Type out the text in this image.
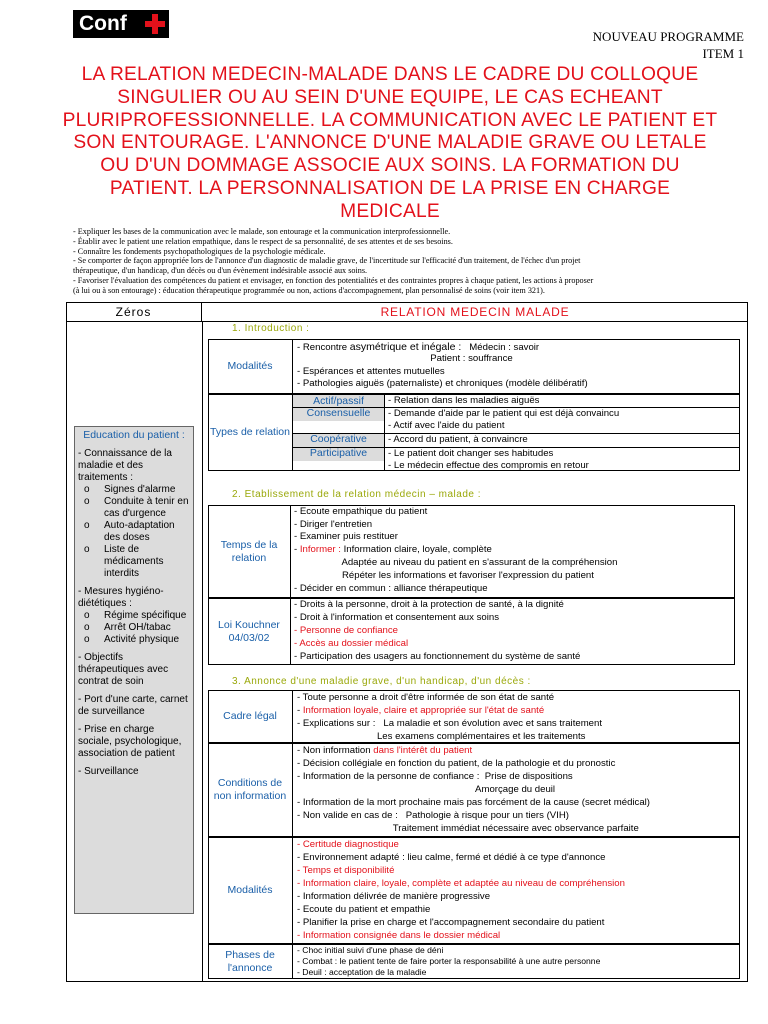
Conf
NOUVEAU PROGRAMME
ITEM 1
LA RELATION MEDECIN-MALADE DANS LE CADRE DU COLLOQUE SINGULIER OU AU SEIN D'UNE EQUIPE, LE CAS ECHEANT PLURIPROFESSIONNELLE. LA COMMUNICATION AVEC LE PATIENT ET SON ENTOURAGE. L'ANNONCE D'UNE MALADIE GRAVE OU LETALE OU D'UN DOMMAGE ASSOCIE AUX SOINS. LA FORMATION DU PATIENT. LA PERSONNALISATION DE LA PRISE EN CHARGE MEDICALE
- Expliquer les bases de la communication avec le malade, son entourage et la communication interprofessionnelle.
- Établir avec le patient une relation empathique, dans le respect de sa personnalité, de ses attentes et de ses besoins.
- Connaître les fondements psychopathologiques de la psychologie médicale.
- Se comporter de façon appropriée lors de l'annonce d'un diagnostic de maladie grave, de l'incertitude sur l'efficacité d'un traitement, de l'échec d'un projet
thérapeutique, d'un handicap, d'un décès ou d'un évènement indésirable associé aux soins.
- Favoriser l'évaluation des compétences du patient et envisager, en fonction des potentialités et des contraintes propres à chaque patient, les actions à proposer
(à lui ou à son entourage) : éducation thérapeutique programmée ou non, actions d'accompagnement, plan personnalisé de soins (voir item 321).
Zéros	RELATION MEDECIN MALADE
Education du patient :
- Connaissance de la maladie et des traitements :
o Signes d'alarme
o Conduite à tenir en cas d'urgence
o Auto-adaptation des doses
o Liste de médicaments interdits
- Mesures hygiéno-diététiques :
o Régime spécifique
o Arrêt OH/tabac
o Activité physique
- Objectifs thérapeutiques avec contrat de soin
- Port d'une carte, carnet de surveillance
- Prise en charge sociale, psychologique, association de patient
- Surveillance
1. Introduction :
Modalités
- Rencontre asymétrique et inégale :   Médecin : savoir
Patient : souffrance
- Espérances et attentes mutuelles
- Pathologies aiguës (paternaliste) et chroniques (modèle délibératif)
Types de relation
Actif/passif
Consensuelle
Coopérative
Participative
- Relation dans les maladies aiguës
- Demande d'aide par le patient qui est déjà convaincu
- Actif avec l'aide du patient
- Accord du patient, à convaincre
- Le patient doit changer ses habitudes
- Le médecin effectue des compromis en retour
2. Etablissement de la relation médecin – malade :
Temps de la relation
- Ecoute empathique du patient
- Diriger l'entretien
- Examiner puis restituer
- Informer : Information claire, loyale, complète
Adaptée au niveau du patient en s'assurant de la compréhension
Répéter les informations et favoriser l'expression du patient
- Décider en commun : alliance thérapeutique
Loi Kouchner 04/03/02
- Droits à la personne, droit à la protection de santé, à la dignité
- Droit à l'information et consentement aux soins
- Personne de confiance
- Accès au dossier médical
- Participation des usagers au fonctionnement du système de santé
3. Annonce d'une maladie grave, d'un handicap, d'un décès :
Cadre légal
- Toute personne a droit d'être informée de son état de santé
- Information loyale, claire et appropriée sur l'état de santé
- Explications sur :   La maladie et son évolution avec et sans traitement
Les examens complémentaires et les traitements
Conditions de non information
- Non information dans l'intérêt du patient
- Décision collégiale en fonction du patient, de la pathologie et du pronostic
- Information de la personne de confiance :  Prise de dispositions
Amorçage du deuil
- Information de la mort prochaine mais pas forcément de la cause (secret médical)
- Non valide en cas de :   Pathologie à risque pour un tiers (VIH)
Traitement immédiat nécessaire avec observance parfaite
Modalités
- Certitude diagnostique
- Environnement adapté : lieu calme, fermé et dédié à ce type d'annonce
- Temps et disponibilité
- Information claire, loyale, complète et adaptée au niveau de compréhension
- Information délivrée de manière progressive
- Ecoute du patient et empathie
- Planifier la prise en charge et l'accompagnement secondaire du patient
- Information consignée dans le dossier médical
Phases de l'annonce
- Choc initial suivi d'une phase de déni
- Combat : le patient tente de faire porter la responsabilité à une autre personne
- Deuil : acceptation de la maladie
